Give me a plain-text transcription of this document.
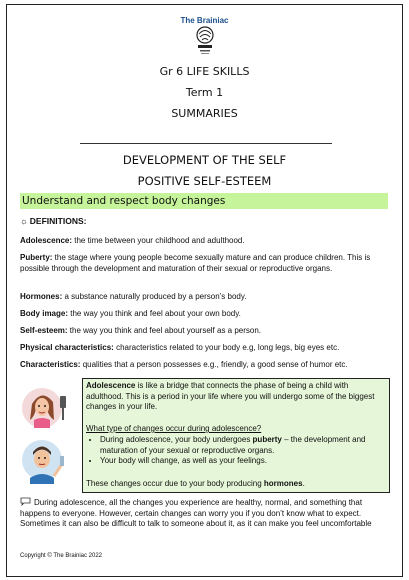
The Brainiac
Gr 6 LIFE SKILLS
Term 1
SUMMARIES
DEVELOPMENT OF THE SELF
POSITIVE SELF-ESTEEM
Understand and respect body changes
☼ DEFINITIONS:
Adolescence: the time between your childhood and adulthood.
Puberty: the stage where young people become sexually mature and can produce children. This is possible through the development and maturation of their sexual or reproductive organs.
Hormones: a substance naturally produced by a person’s body.
Body image: the way you think and feel about your own body.
Self-esteem: the way you think and feel about yourself as a person.
Physical characteristics: characteristics related to your body e.g, long legs, big eyes etc.
Characteristics: qualities that a person possesses e.g., friendly, a good sense of humor etc.
Adolescence is like a bridge that connects the phase of being a child with adulthood. This is a period in your life where you will undergo some of the biggest changes in your life.
What type of changes occur during adolescence?
• During adolescence, your body undergoes puberty – the development and maturation of your sexual or reproductive organs.
• Your body will change, as well as your feelings.
These changes occur due to your body producing hormones.
During adolescence, all the changes you experience are healthy, normal, and something that happens to everyone. However, certain changes can worry you if you don’t know what to expect. Sometimes it can also be difficult to talk to someone about it, as it can make you feel uncomfortable
Copyright © The Brainiac 2022
